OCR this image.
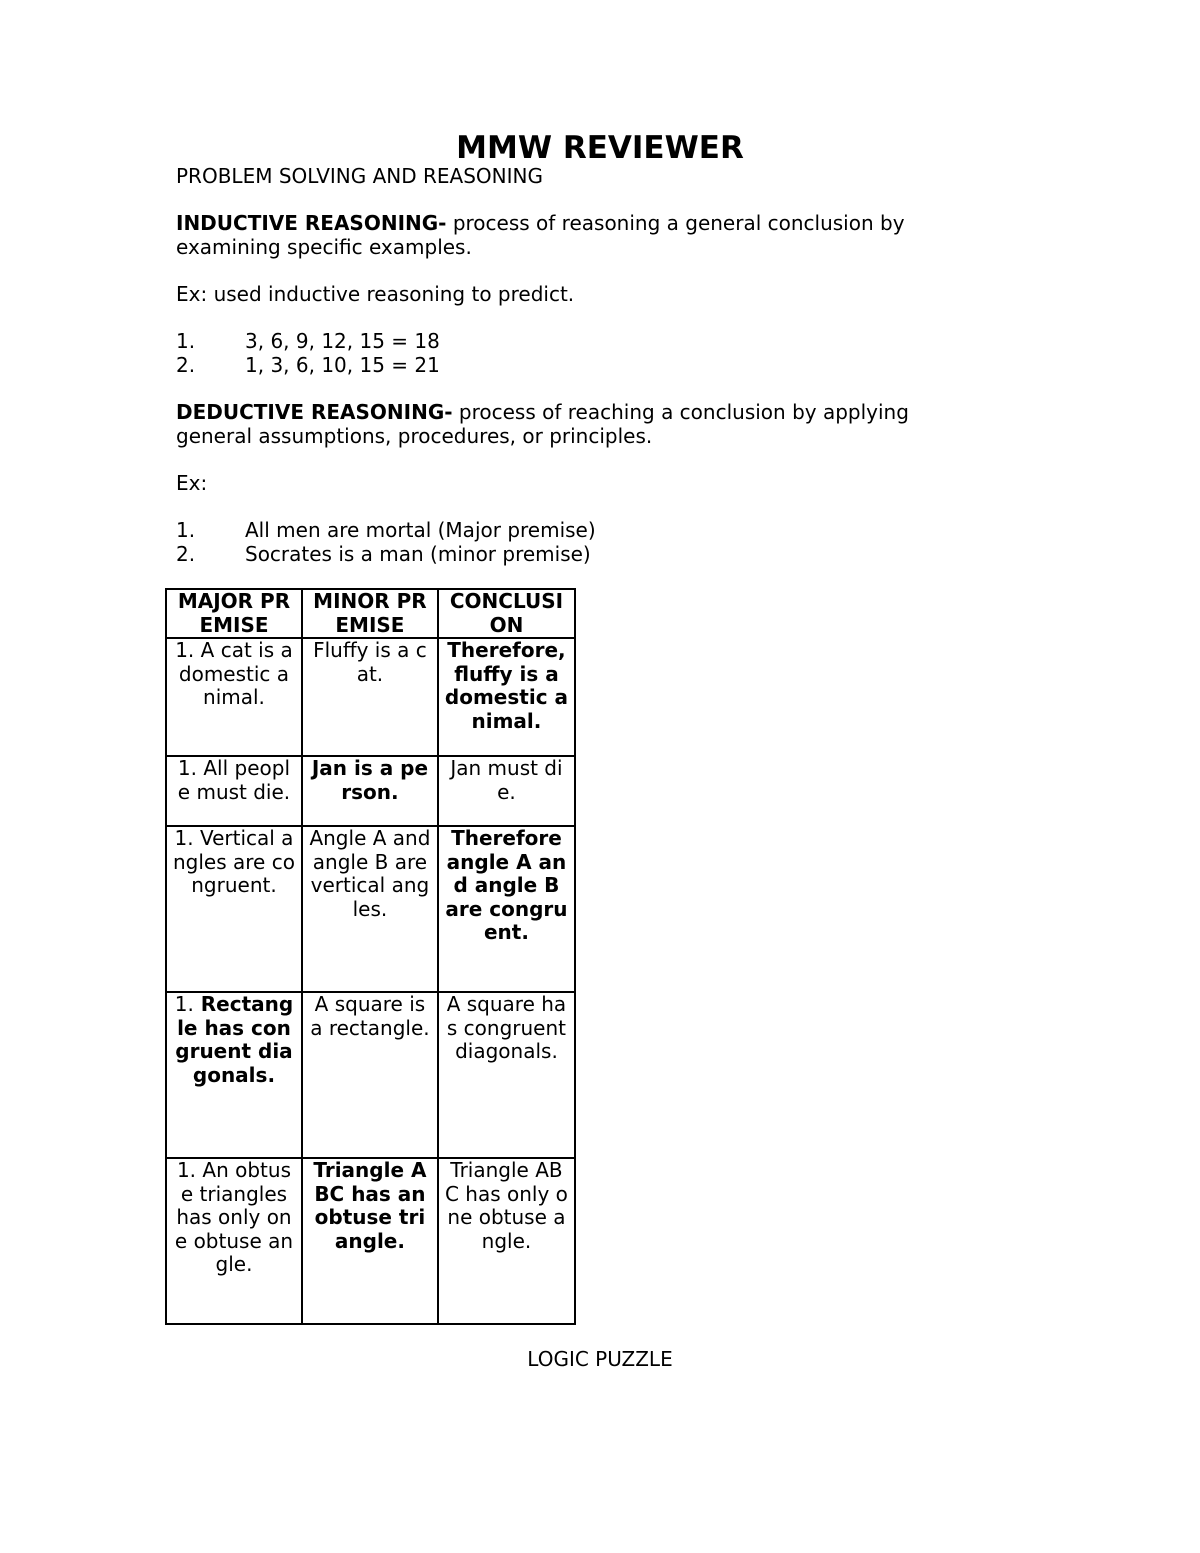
MMW REVIEWER
PROBLEM SOLVING AND REASONING
INDUCTIVE REASONING- process of reasoning a general conclusion by
examining specific examples.
Ex: used inductive reasoning to predict.
1. 3, 6, 9, 12, 15 = 18
2. 1, 3, 6, 10, 15 = 21
DEDUCTIVE REASONING- process of reaching a conclusion by applying
general assumptions, procedures, or principles.
Ex:
1. All men are mortal (Major premise)
2. Socrates is a man (minor premise)
MAJOR PREMISE	MINOR PREMISE	CONCLUSION
1. A cat is a domestic animal.	Fluffy is a cat.	Therefore, fluffy is a domestic animal.
1. All people must die.	Jan is a person.	Jan must die.
1. Vertical angles are congruent.	Angle A and angle B are vertical angles.	Therefore angle A and angle B are congruent.
1. Rectangle has congruent diagonals.	A square is a rectangle.	A square has congruent diagonals.
1. An obtuse triangles has only one obtuse angle.	Triangle ABC has an obtuse triangle.	Triangle ABC has only one obtuse angle.
LOGIC PUZZLE
